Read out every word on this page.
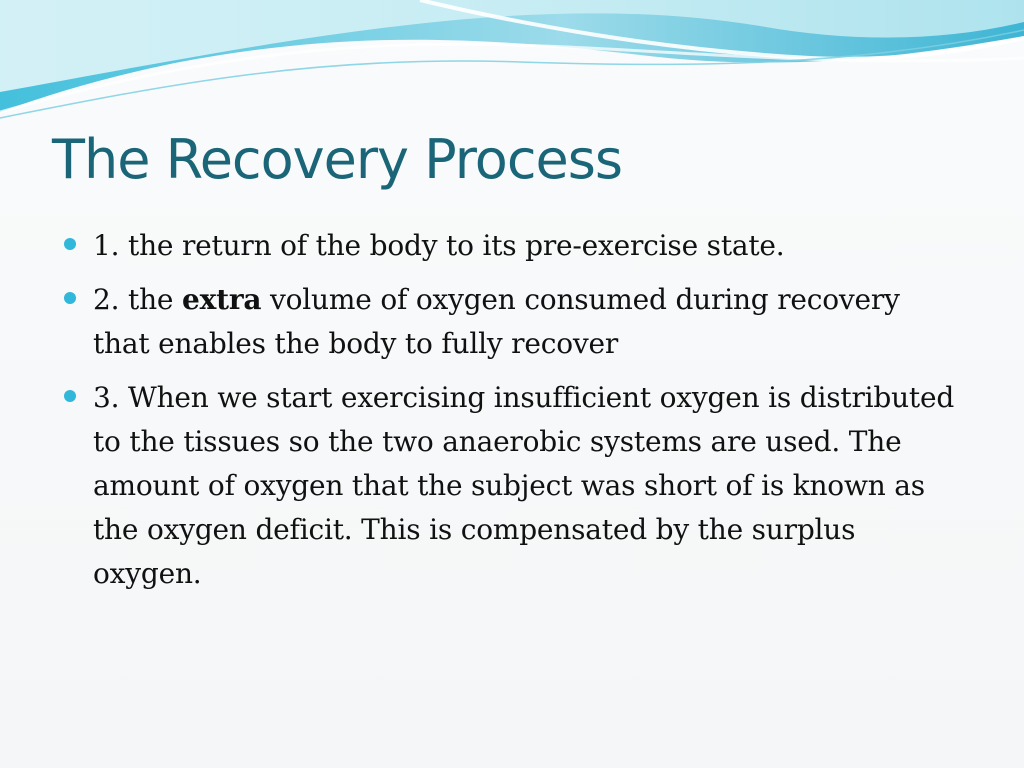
The Recovery Process
1. the return of the body to its pre-exercise state.
2. the extra volume of oxygen consumed during recovery that enables the body to fully recover
3. When we start exercising insufficient oxygen is distributed to the tissues so the two anaerobic systems are used. The amount of oxygen that the subject was short of is known as the oxygen deficit. This is compensated by the surplus oxygen.
